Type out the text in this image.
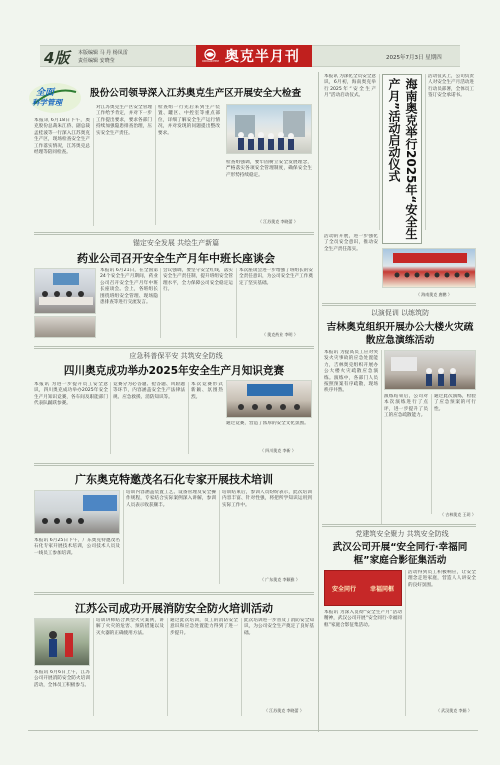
4版 本版编辑 马 丹 杨凤雷
责任编辑 安晓莹	OXIRANCHEM 奥克半月刊	2025年7月3日 星期四
全面
科学管理
股份公司领导深入江苏奥克生产区开展安全大检查
本报讯 6月18日下午，奥克股份总裁朱江侨、副总裁孟桂波等一行深入江苏奥克生产区，现场检查安全生产工作落实情况，江苏奥克总经理等陪同检查。
对江苏奥克生产区安全管理工作给予肯定，并对下一步工作提出要求，要求各部门持续加强隐患排查治理，压实安全生产责任。
检查组一行先后来到生产装置、罐区、中控室等重点部位，详细了解安全生产运行情况，并对发现的问题提出整改要求。
检查组强调，要牢固树立安全发展理念，严格落实各项安全管理制度，确保安全生产形势持续稳定。
（ 江苏奥克 李晓蕾 ）
锚定安全发展 共绘生产新篇
药业公司召开安全生产月年中班长座谈会
本报讯 6月21日，在全国第24个安全生产月期间，药业公司召开安全生产月年中班长座谈会。会上，各班组长围绕班组安全管理、现场隐患排查等进行交流发言。
会议强调，要坚守安全红线，落实安全生产责任制，提升班组安全管理水平，全力保障公司安全稳定运行。
本次座谈会进一步增强了班组长的安全责任意识，为公司安全生产工作奠定了坚实基础。
（ 奥克药业 李明 ）
应急科普保平安 共筑安全防线
四川奥克成功举办2025年安全生产月知识竞赛
本报讯 为进一步提升员工安全意识，四川奥克成功举办2025年安全生产月知识竞赛，各车间及职能部门代表队踊跃参赛。
竞赛分为必答题、抢答题、风险题等环节，内容涵盖安全生产法律法规、应急救援、消防知识等。
本次竞赛形式新颖、氛围热烈。
通过竞赛，营造了浓厚的安全文化氛围。
（ 四川奥克 李新 ）
广东奥克特邀茂名石化专家开展技术培训
本报讯 6月25日下午，广东奥克特邀茂名石化专家开展技术培训，公司技术人员及一线员工参加培训。
培训内容涵盖装置工艺、设备管理及安全操作规程，专家结合实际案例深入讲解，参训人员表示收获颇丰。
培训结束后，参训人员纷纷表示，此次培训内容丰富、针对性强，将把所学知识运用到实际工作中。
（ 广东奥克 李颖雅 ）
江苏公司成功开展消防安全防火培训活动
本报讯 6月6日上午，江苏公司开展消防安全防火培训活动，全体员工积极参与。
培训讲师结合典型火灾案例，讲解了火灾的危害、预防措施以及灭火器的正确使用方法。
通过此次培训，员工的消防安全意识和应急处置能力得到了进一步提升。
此次培训进一步普及了消防安全知识，为公司安全生产奠定了良好基础。
（ 江苏奥克 李晓蕾 ）
本报讯 为深化全员安全意识，6月初，海南奥克举行2025年“安全生产月”活动启动仪式。	海南奥克举行2025年“安全生产月”活动启动仪式
活动仪式上，公司负责人对安全生产月活动进行动员部署，全体员工签订安全承诺书。
活动的开展，进一步强化了全员安全意识，推动安全生产责任落实。
（ 海南奥克 唐鹏 ）
以演促训 以练筑防
吉林奥克组织开展办公大楼火灾疏散应急演练活动
本报讯 为提高员工应对突发火灾事故的应急处置能力，吉林奥克组织开展办公大楼火灾疏散应急演练。演练中，各部门人员按照预案有序疏散，现场秩序井然。
演练结束后，公司对本次演练进行了点评，进一步提升了员工的应急疏散能力。
通过此次演练，检验了应急预案的可行性。
（ 吉林奥克 王玥 ）
党建筑安全聚力 共筑安全防线
武汉公司开展“安全同行·幸福同框”家庭合影征集活动
安全同行 幸福同框
本报讯 为深入贯彻“安全生产月”活动精神，武汉公司开展“安全同行·幸福同框”家庭合影征集活动。
活动得到员工积极响应，让安全理念走进家庭，营造人人讲安全的良好氛围。
（ 武汉奥克 李娟 ）
